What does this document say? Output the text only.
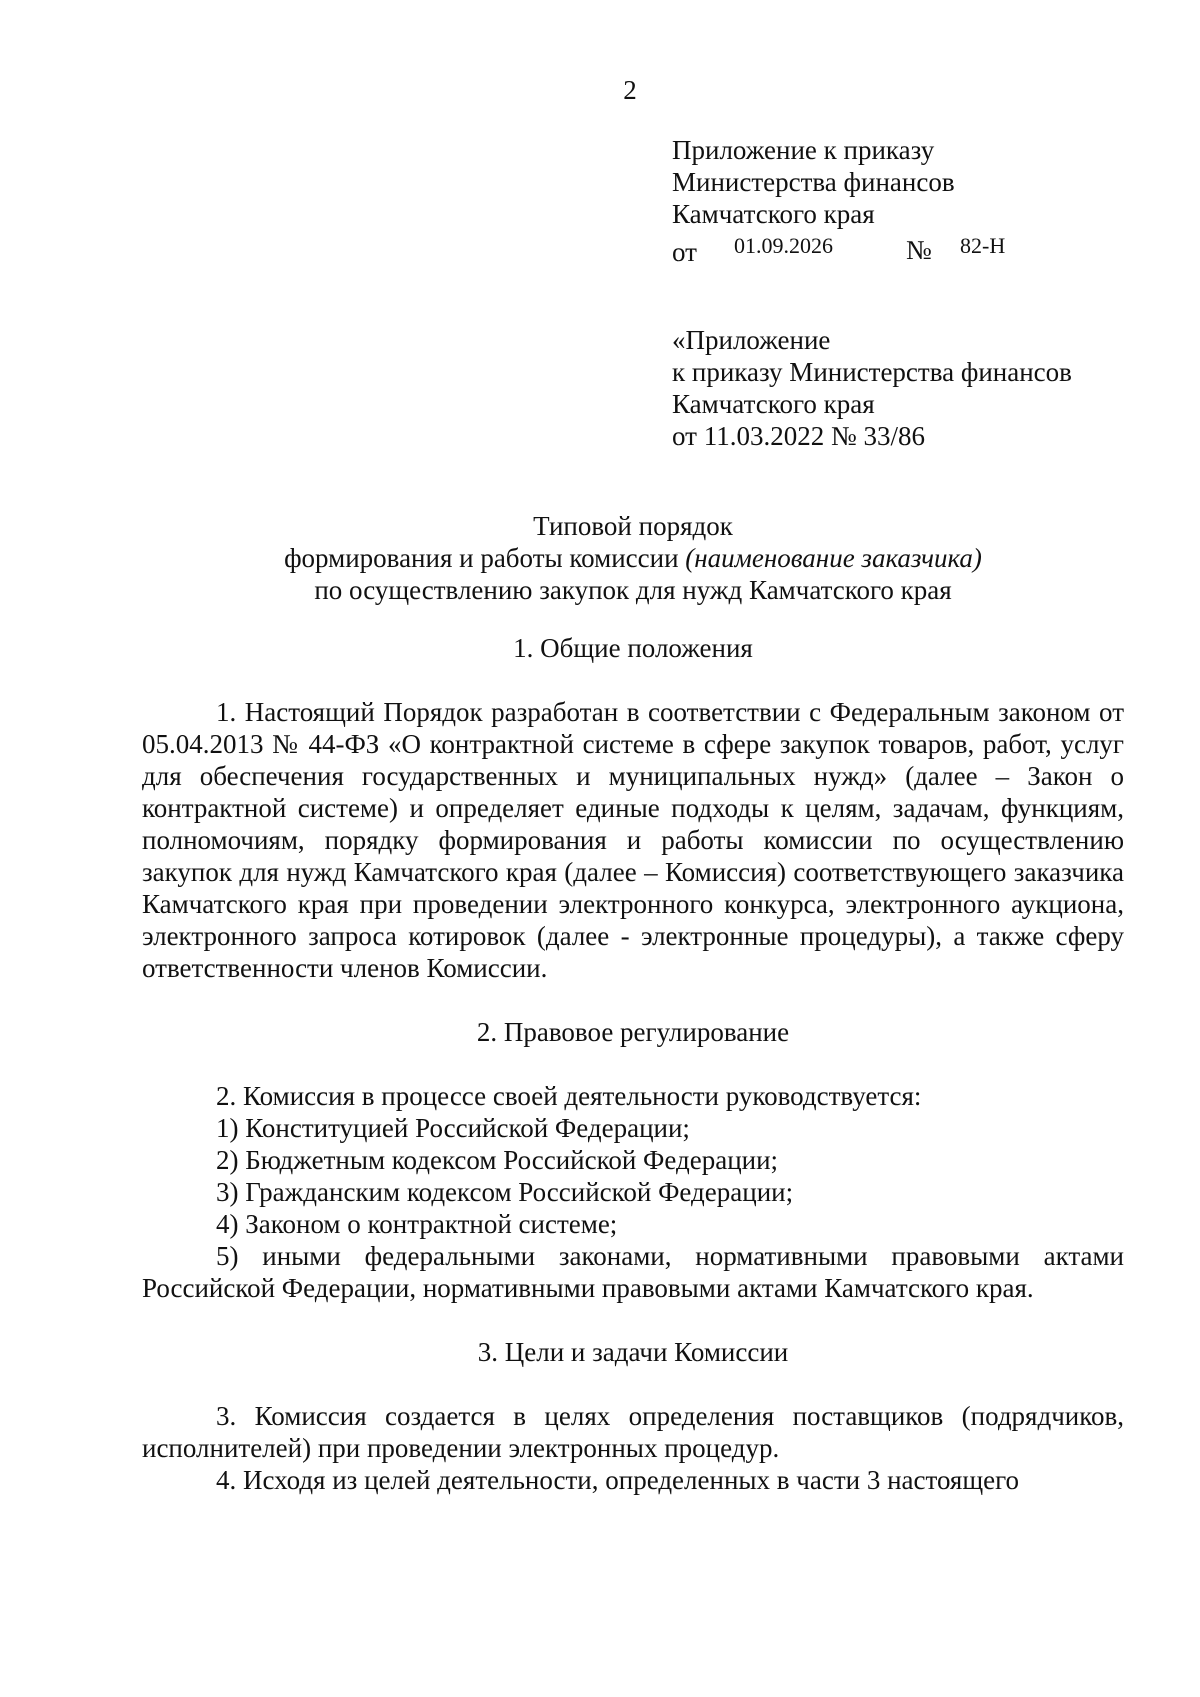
2
Приложение к приказу
Министерства финансов
Камчатского края
от 01.09.2026	№ 82-Н
«Приложение
к приказу Министерства финансов
Камчатского края
от 11.03.2022 № 33/86
Типовой порядок
формирования и работы комиссии (наименование заказчика)
по осуществлению закупок для нужд Камчатского края
1. Общие положения

1. Настоящий Порядок разработан в соответствии с Федеральным законом от 05.04.2013 № 44-ФЗ «О контрактной системе в сфере закупок товаров, работ, услуг для обеспечения государственных и муниципальных нужд» (далее – Закон о контрактной системе) и определяет единые подходы к целям, задачам, функциям, полномочиям, порядку формирования и работы комиссии по осуществлению закупок для нужд Камчатского края (далее – Комиссия) соответствующего заказчика Камчатского края при проведении электронного конкурса, электронного аукциона, электронного запроса котировок (далее - электронные процедуры), а также сферу ответственности членов Комиссии.

2. Правовое регулирование

2. Комиссия в процессе своей деятельности руководствуется:

1) Конституцией Российской Федерации;

2) Бюджетным кодексом Российской Федерации;

3) Гражданским кодексом Российской Федерации;

4) Законом о контрактной системе;

5) иными федеральными законами, нормативными правовыми актами Российской Федерации, нормативными правовыми актами Камчатского края.

3. Цели и задачи Комиссии

3. Комиссия создается в целях определения поставщиков (подрядчиков, исполнителей) при проведении электронных процедур.

4. Исходя из целей деятельности, определенных в части 3 настоящего
